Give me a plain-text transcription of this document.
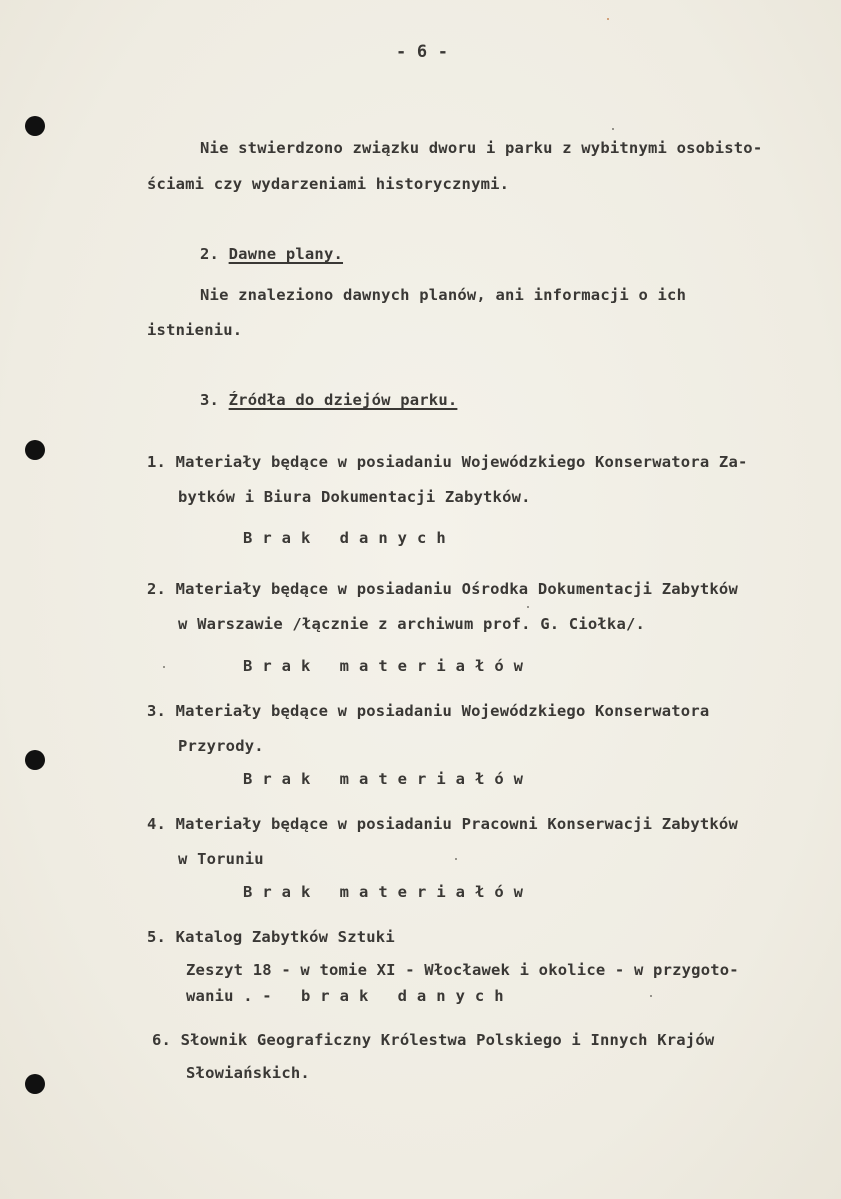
- 6 -
Nie stwierdzono związku dworu i parku z wybitnymi osobisto-
ściami czy wydarzeniami historycznymi.
2. Dawne plany.
Nie znaleziono dawnych planów, ani informacji o ich
istnieniu.
3. Źródła do dziejów parku.
1. Materiały będące w posiadaniu Wojewódzkiego Konserwatora Za-
bytków i Biura Dokumentacji Zabytków.
Brak danych
2. Materiały będące w posiadaniu Ośrodka Dokumentacji Zabytków
w Warszawie /łącznie z archiwum prof. G. Ciołka/.
Brak materiałów
3. Materiały będące w posiadaniu Wojewódzkiego Konserwatora
Przyrody.
Brak materiałów
4. Materiały będące w posiadaniu Pracowni Konserwacji Zabytków
w Toruniu
Brak materiałów
5. Katalog Zabytków Sztuki
Zeszyt 18 - w tomie XI - Włocławek i okolice - w przygoto-
waniu . - brak danych
6. Słownik Geograficzny Królestwa Polskiego i Innych Krajów
Słowiańskich.
